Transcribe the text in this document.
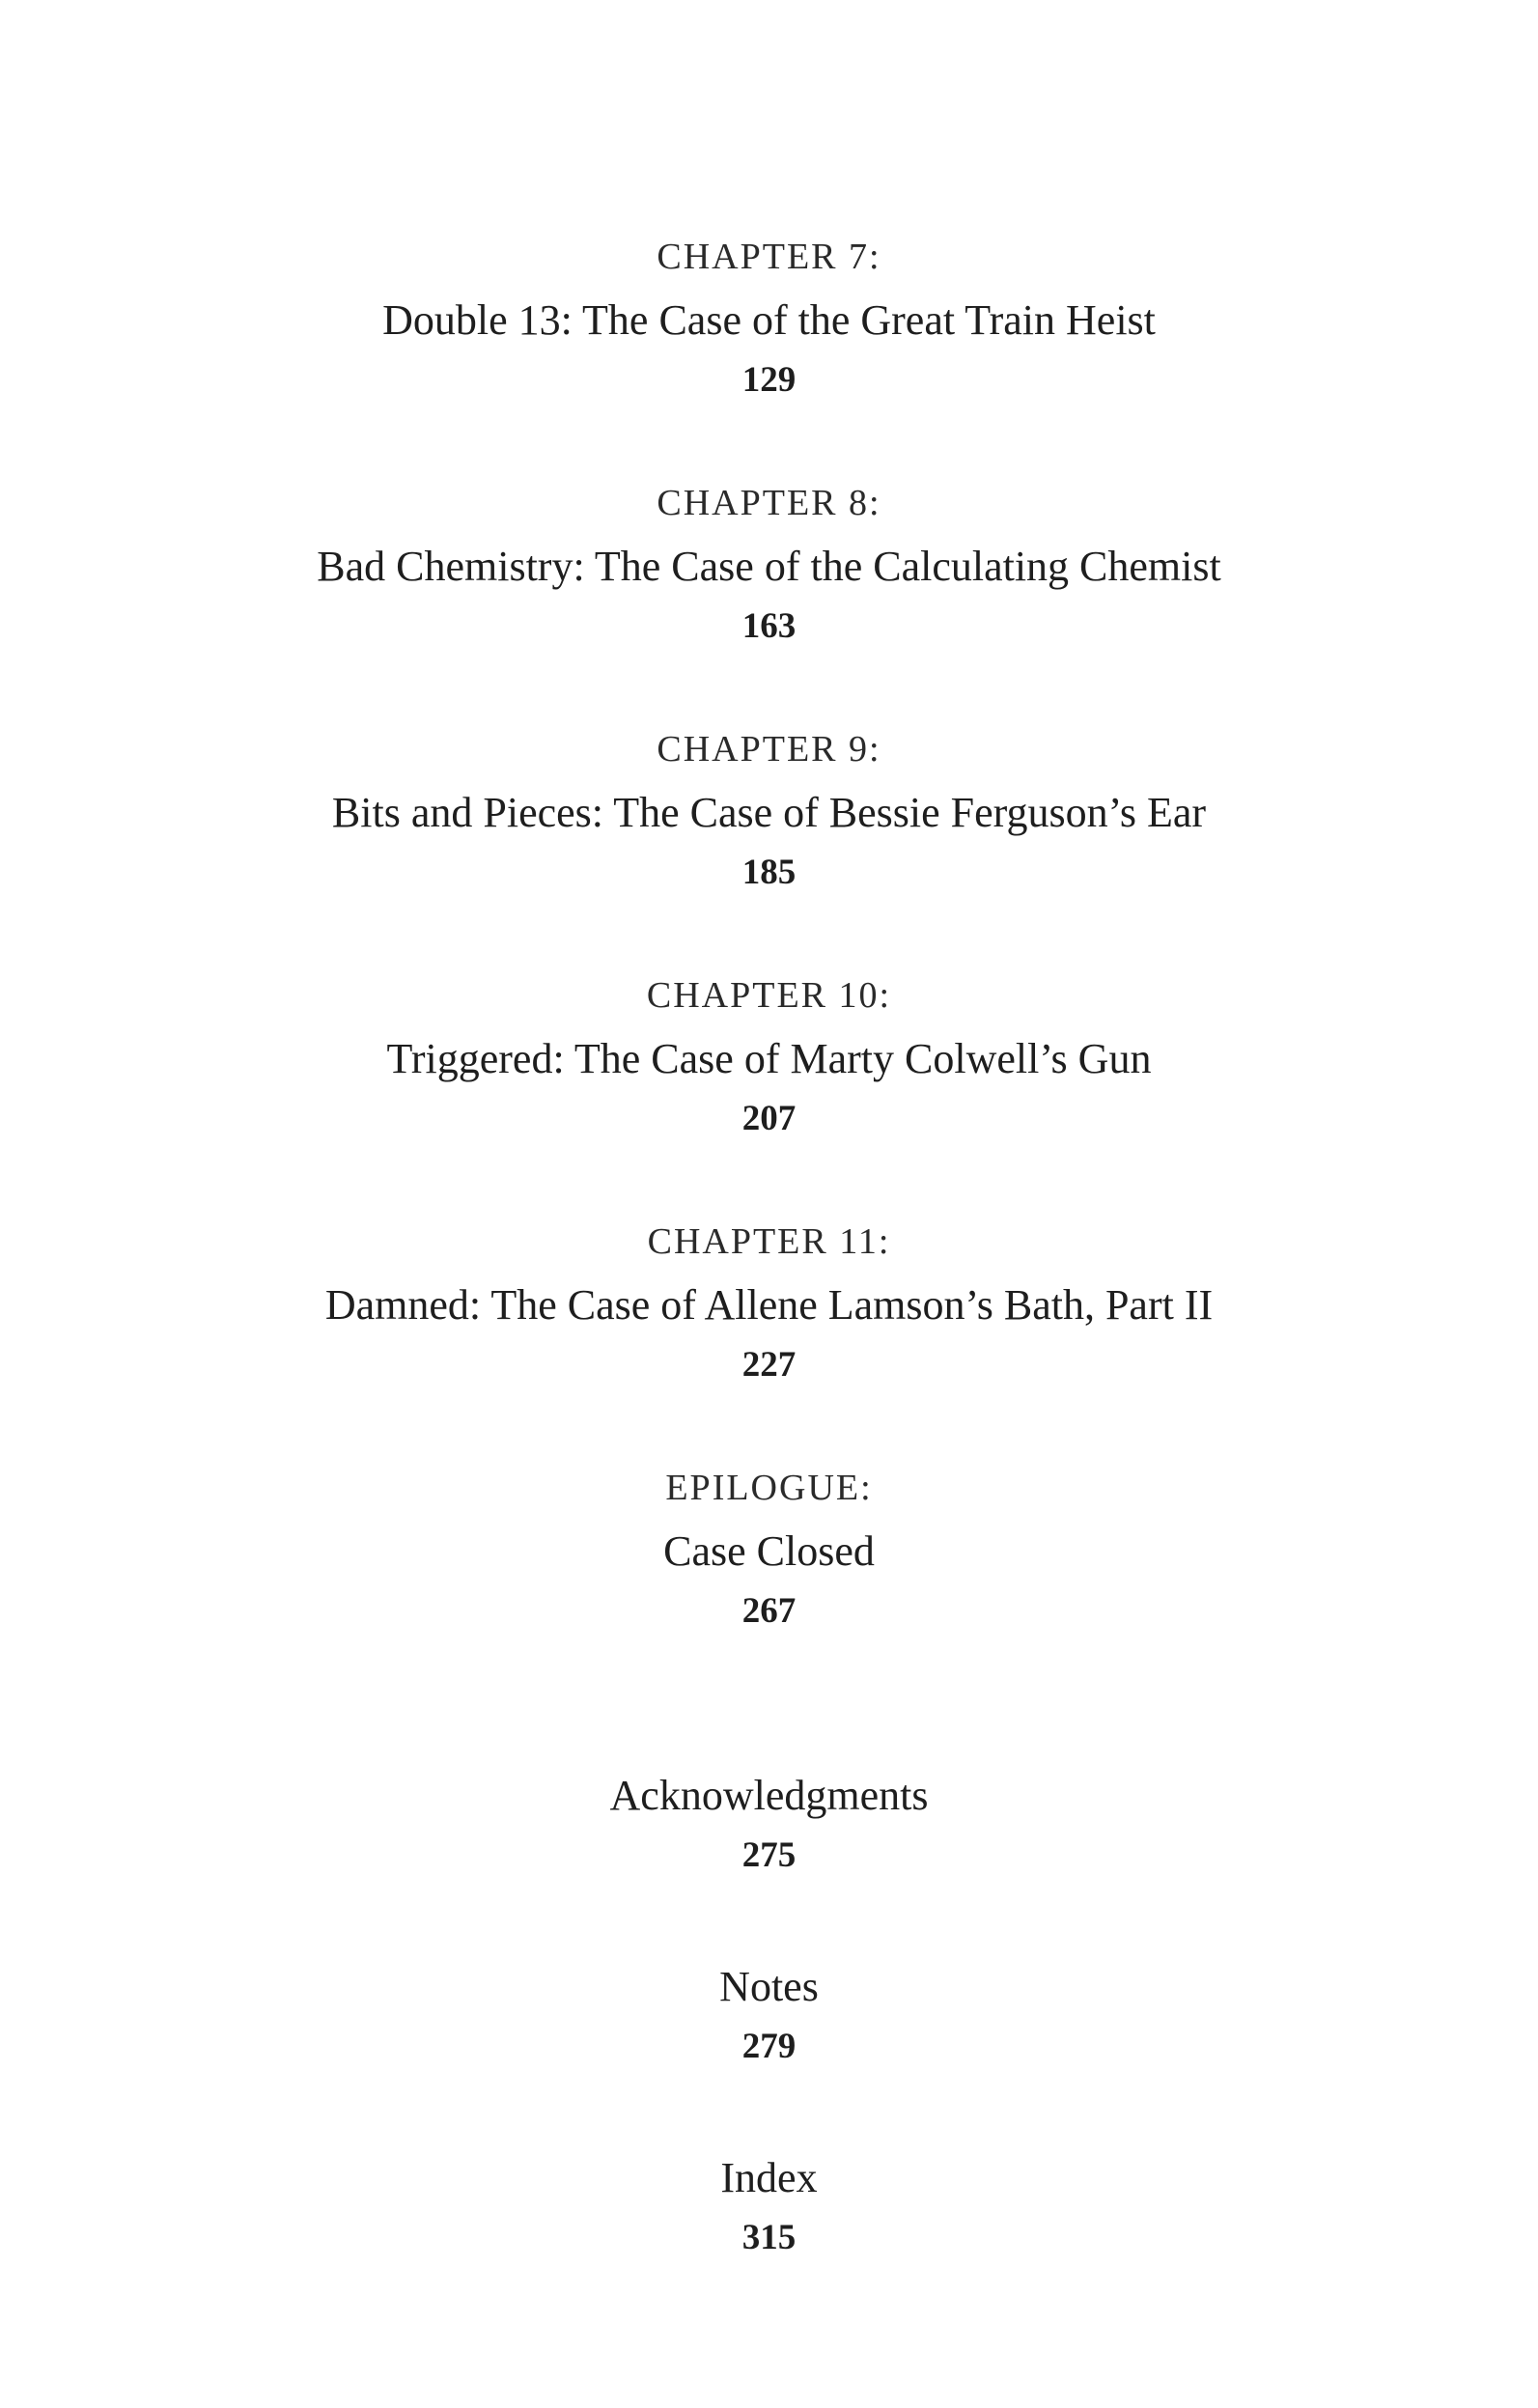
CHAPTER 7:
Double 13: The Case of the Great Train Heist
129
CHAPTER 8:
Bad Chemistry: The Case of the Calculating Chemist
163
CHAPTER 9:
Bits and Pieces: The Case of Bessie Ferguson’s Ear
185
CHAPTER 10:
Triggered: The Case of Marty Colwell’s Gun
207
CHAPTER 11:
Damned: The Case of Allene Lamson’s Bath, Part II
227
EPILOGUE:
Case Closed
267
Acknowledgments
275
Notes
279
Index
315
